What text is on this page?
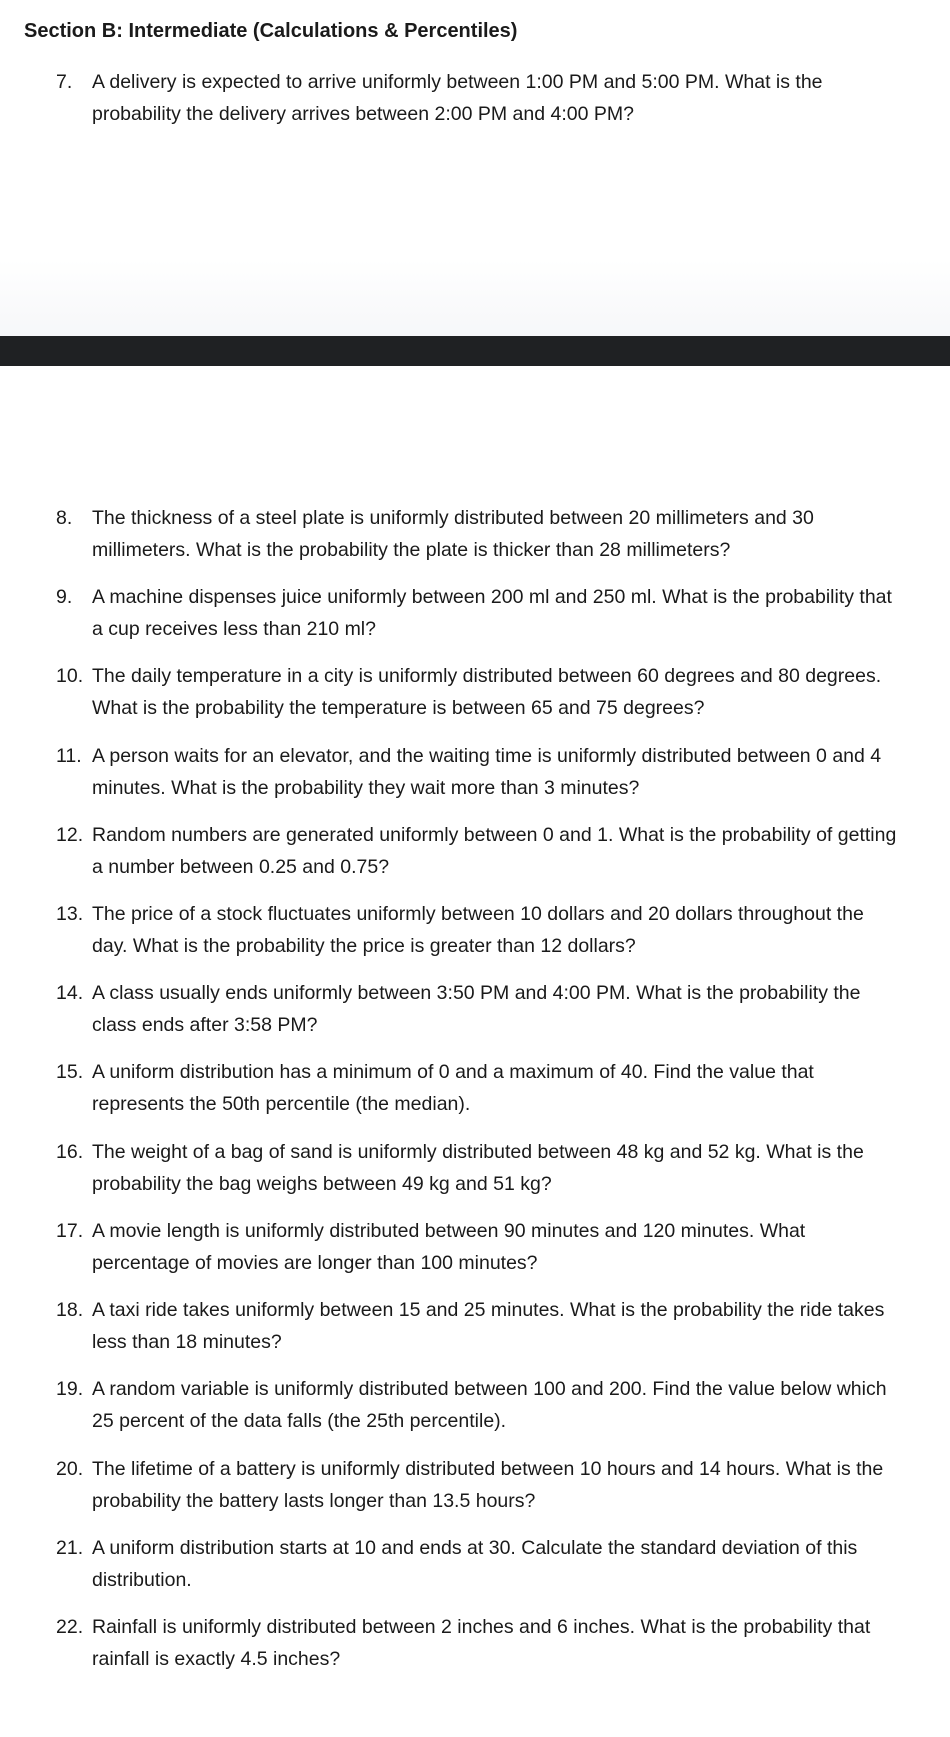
Section B: Intermediate (Calculations & Percentiles)
7.	A delivery is expected to arrive uniformly between 1:00 PM and 5:00 PM. What is the probability the delivery arrives between 2:00 PM and 4:00 PM?
8.	The thickness of a steel plate is uniformly distributed between 20 millimeters and 30 millimeters. What is the probability the plate is thicker than 28 millimeters?
9.	A machine dispenses juice uniformly between 200 ml and 250 ml. What is the probability that a cup receives less than 210 ml?
10. The daily temperature in a city is uniformly distributed between 60 degrees and 80 degrees. What is the probability the temperature is between 65 and 75 degrees?
11. A person waits for an elevator, and the waiting time is uniformly distributed between 0 and 4 minutes. What is the probability they wait more than 3 minutes?
12. Random numbers are generated uniformly between 0 and 1. What is the probability of getting a number between 0.25 and 0.75?
13. The price of a stock fluctuates uniformly between 10 dollars and 20 dollars throughout the day. What is the probability the price is greater than 12 dollars?
14. A class usually ends uniformly between 3:50 PM and 4:00 PM. What is the probability the class ends after 3:58 PM?
15. A uniform distribution has a minimum of 0 and a maximum of 40. Find the value that represents the 50th percentile (the median).
16. The weight of a bag of sand is uniformly distributed between 48 kg and 52 kg. What is the probability the bag weighs between 49 kg and 51 kg?
17. A movie length is uniformly distributed between 90 minutes and 120 minutes. What percentage of movies are longer than 100 minutes?
18. A taxi ride takes uniformly between 15 and 25 minutes. What is the probability the ride takes less than 18 minutes?
19. A random variable is uniformly distributed between 100 and 200. Find the value below which 25 percent of the data falls (the 25th percentile).
20. The lifetime of a battery is uniformly distributed between 10 hours and 14 hours. What is the probability the battery lasts longer than 13.5 hours?
21. A uniform distribution starts at 10 and ends at 30. Calculate the standard deviation of this distribution.
22. Rainfall is uniformly distributed between 2 inches and 6 inches. What is the probability that rainfall is exactly 4.5 inches?
